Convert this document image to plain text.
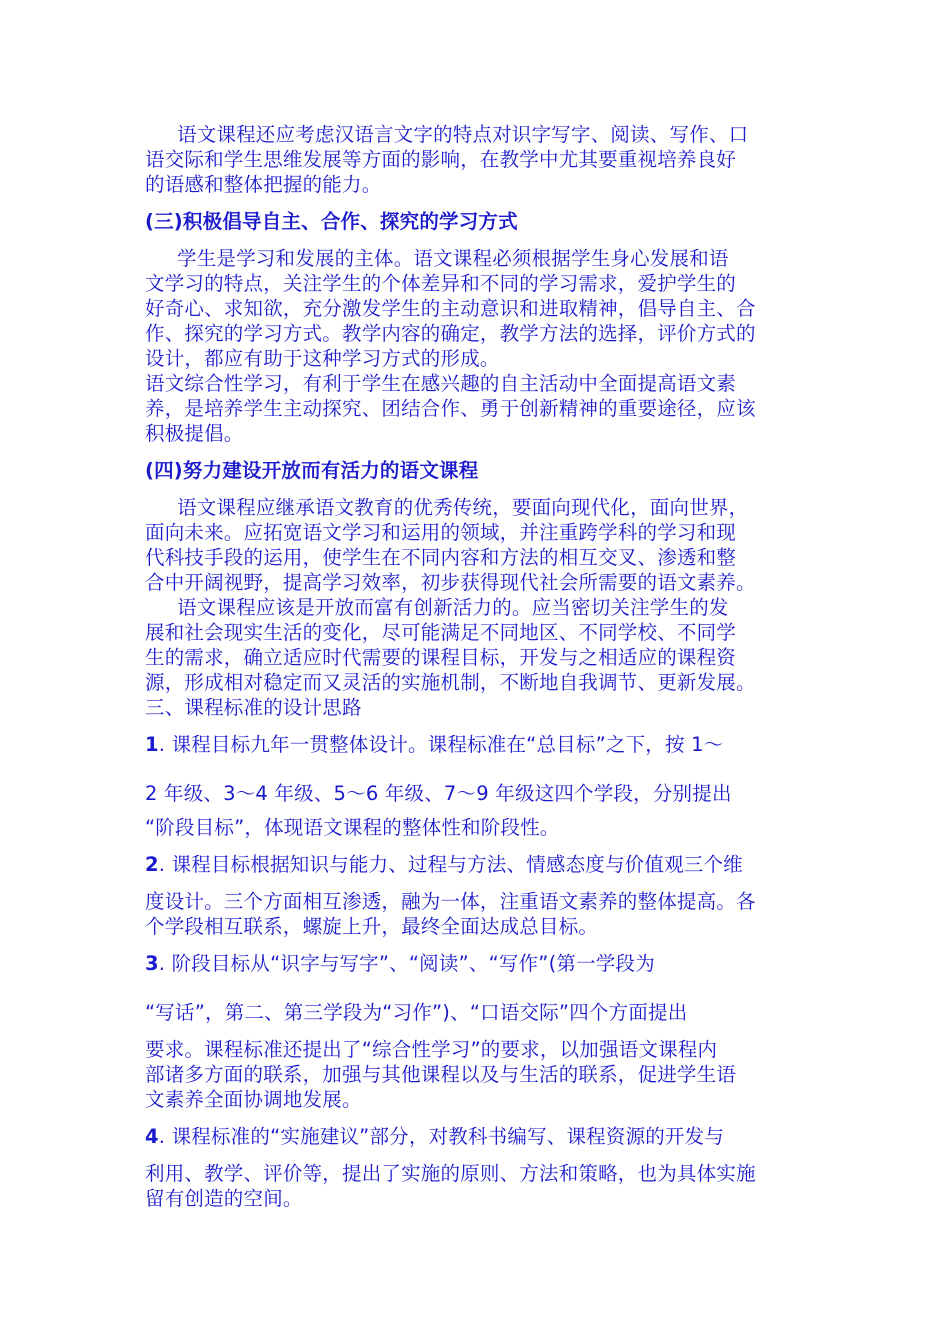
语文课程还应考虑汉语言文字的特点对识字写字、阅读、写作、口
语交际和学生思维发展等方面的影响，在教学中尤其要重视培养良好
的语感和整体把握的能力。
(三)积极倡导自主、合作、探究的学习方式
学生是学习和发展的主体。语文课程必须根据学生身心发展和语
文学习的特点，关注学生的个体差异和不同的学习需求，爱护学生的
好奇心、求知欲，充分激发学生的主动意识和进取精神，倡导自主、合
作、探究的学习方式。教学内容的确定，教学方法的选择，评价方式的
设计，都应有助于这种学习方式的形成。
语文综合性学习，有利于学生在感兴趣的自主活动中全面提高语文素
养，是培养学生主动探究、团结合作、勇于创新精神的重要途径，应该
积极提倡。
(四)努力建设开放而有活力的语文课程
语文课程应继承语文教育的优秀传统，要面向现代化，面向世界，
面向未来。应拓宽语文学习和运用的领域，并注重跨学科的学习和现
代科技手段的运用，使学生在不同内容和方法的相互交叉、渗透和整
合中开阔视野，提高学习效率，初步获得现代社会所需要的语文素养。
语文课程应该是开放而富有创新活力的。应当密切关注学生的发
展和社会现实生活的变化，尽可能满足不同地区、不同学校、不同学
生的需求，确立适应时代需要的课程目标，开发与之相适应的课程资
源，形成相对稳定而又灵活的实施机制，不断地自我调节、更新发展。
三、课程标准的设计思路
1. 课程目标九年一贯整体设计。课程标准在“总目标”之下，按 1～
2 年级、3～4 年级、5～6 年级、7～9 年级这四个学段，分别提出
“阶段目标”，体现语文课程的整体性和阶段性。
2. 课程目标根据知识与能力、过程与方法、情感态度与价值观三个维
度设计。三个方面相互渗透，融为一体，注重语文素养的整体提高。各
个学段相互联系，螺旋上升，最终全面达成总目标。
3. 阶段目标从“识字与写字”、“阅读”、“写作”(第一学段为
“写话”，第二、第三学段为“习作”)、“口语交际”四个方面提出
要求。课程标准还提出了“综合性学习”的要求，以加强语文课程内
部诸多方面的联系，加强与其他课程以及与生活的联系，促进学生语
文素养全面协调地发展。
4. 课程标准的“实施建议”部分，对教科书编写、课程资源的开发与
利用、教学、评价等，提出了实施的原则、方法和策略，也为具体实施
留有创造的空间。
